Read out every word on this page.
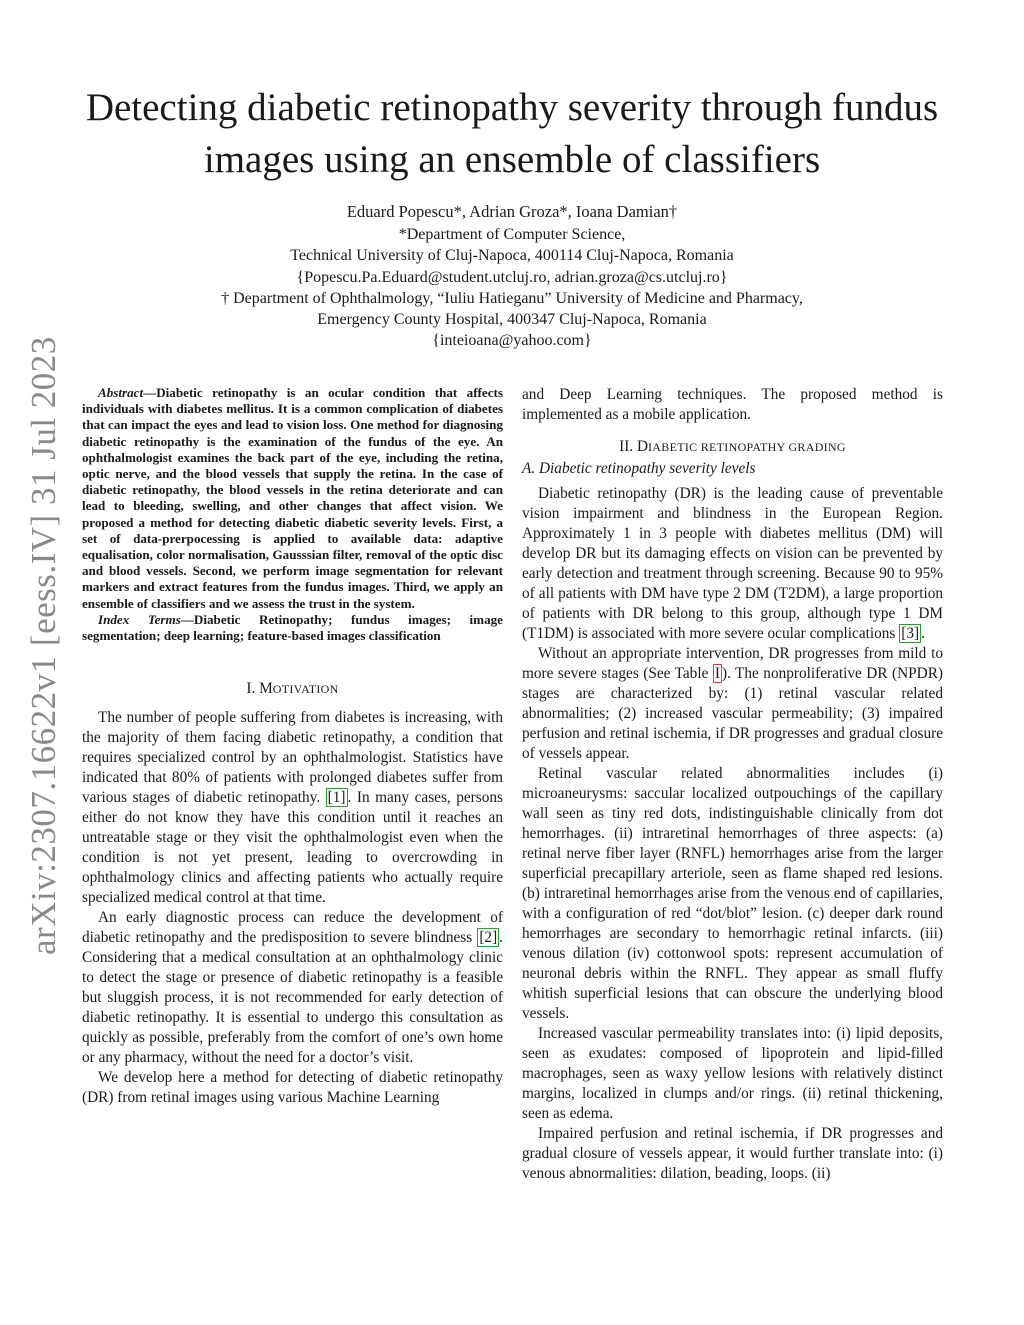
arXiv:2307.16622v1 [eess.IV] 31 Jul 2023
Detecting diabetic retinopathy severity through fundus images using an ensemble of classifiers
Eduard Popescu*, Adrian Groza*, Ioana Damian†
*Department of Computer Science,
Technical University of Cluj-Napoca, 400114 Cluj-Napoca, Romania
{Popescu.Pa.Eduard@student.utcluj.ro, adrian.groza@cs.utcluj.ro}
† Department of Ophthalmology, “Iuliu Hatieganu” University of Medicine and Pharmacy,
Emergency County Hospital, 400347 Cluj-Napoca, Romania
{inteioana@yahoo.com}

Abstract—Diabetic retinopathy is an ocular condition that affects individuals with diabetes mellitus. It is a common complication of diabetes that can impact the eyes and lead to vision loss. One method for diagnosing diabetic retinopathy is the examination of the fundus of the eye. An ophthalmologist examines the back part of the eye, including the retina, optic nerve, and the blood vessels that supply the retina. In the case of diabetic retinopathy, the blood vessels in the retina deteriorate and can lead to bleeding, swelling, and other changes that affect vision. We proposed a method for detecting diabetic diabetic severity levels. First, a set of data-prerpocessing is applied to available data: adaptive equalisation, color normalisation, Gausssian filter, removal of the optic disc and blood vessels. Second, we perform image segmentation for relevant markers and extract features from the fundus images. Third, we apply an ensemble of classifiers and we assess the trust in the system.

Index Terms—Diabetic Retinopathy; fundus images; image segmentation; deep learning; feature-based images classification

I. MOTIVATION

The number of people suffering from diabetes is increasing, with the majority of them facing diabetic retinopathy, a condition that requires specialized control by an ophthalmologist. Statistics have indicated that 80% of patients with prolonged diabetes suffer from various stages of diabetic retinopathy. [1] . In many cases, persons either do not know they have this condition until it reaches an untreatable stage or they visit the ophthalmologist even when the condition is not yet present, leading to overcrowding in ophthalmology clinics and affecting patients who actually require specialized medical control at that time.

An early diagnostic process can reduce the development of diabetic retinopathy and the predisposition to severe blindness [2] . Considering that a medical consultation at an ophthalmology clinic to detect the stage or presence of diabetic retinopathy is a feasible but sluggish process, it is not recommended for early detection of diabetic retinopathy. It is essential to undergo this consultation as quickly as possible, preferably from the comfort of one’s own home or any pharmacy, without the need for a doctor’s visit.

We develop here a method for detecting of diabetic retinopathy (DR) from retinal images using various Machine Learning

and Deep Learning techniques. The proposed method is implemented as a mobile application.

II. DIABETIC RETINOPATHY GRADING

A. Diabetic retinopathy severity levels

Diabetic retinopathy (DR) is the leading cause of preventable vision impairment and blindness in the European Region. Approximately 1 in 3 people with diabetes mellitus (DM) will develop DR but its damaging effects on vision can be prevented by early detection and treatment through screening. Because 90 to 95% of all patients with DM have type 2 DM (T2DM), a large proportion of patients with DR belong to this group, although type 1 DM (T1DM) is associated with more severe ocular complications [3] .

Without an appropriate intervention, DR progresses from mild to more severe stages (See Table I ). The nonproliferative DR (NPDR) stages are characterized by: (1) retinal vascular related abnormalities; (2) increased vascular permeability; (3) impaired perfusion and retinal ischemia, if DR progresses and gradual closure of vessels appear.

Retinal vascular related abnormalities includes (i) microaneurysms: saccular localized outpouchings of the capillary wall seen as tiny red dots, indistinguishable clinically from dot hemorrhages. (ii) intraretinal hemorrhages of three aspects: (a) retinal nerve fiber layer (RNFL) hemorrhages arise from the larger superficial precapillary arteriole, seen as flame shaped red lesions. (b) intraretinal hemorrhages arise from the venous end of capillaries, with a configuration of red “dot/blot” lesion. (c) deeper dark round hemorrhages are secondary to hemorrhagic retinal infarcts. (iii) venous dilation (iv) cottonwool spots: represent accumulation of neuronal debris within the RNFL. They appear as small fluffy whitish superficial lesions that can obscure the underlying blood vessels.

Increased vascular permeability translates into: (i) lipid deposits, seen as exudates: composed of lipoprotein and lipid-filled macrophages, seen as waxy yellow lesions with relatively distinct margins, localized in clumps and/or rings. (ii) retinal thickening, seen as edema.

Impaired perfusion and retinal ischemia, if DR progresses and gradual closure of vessels appear, it would further translate into: (i) venous abnormalities: dilation, beading, loops. (ii)
